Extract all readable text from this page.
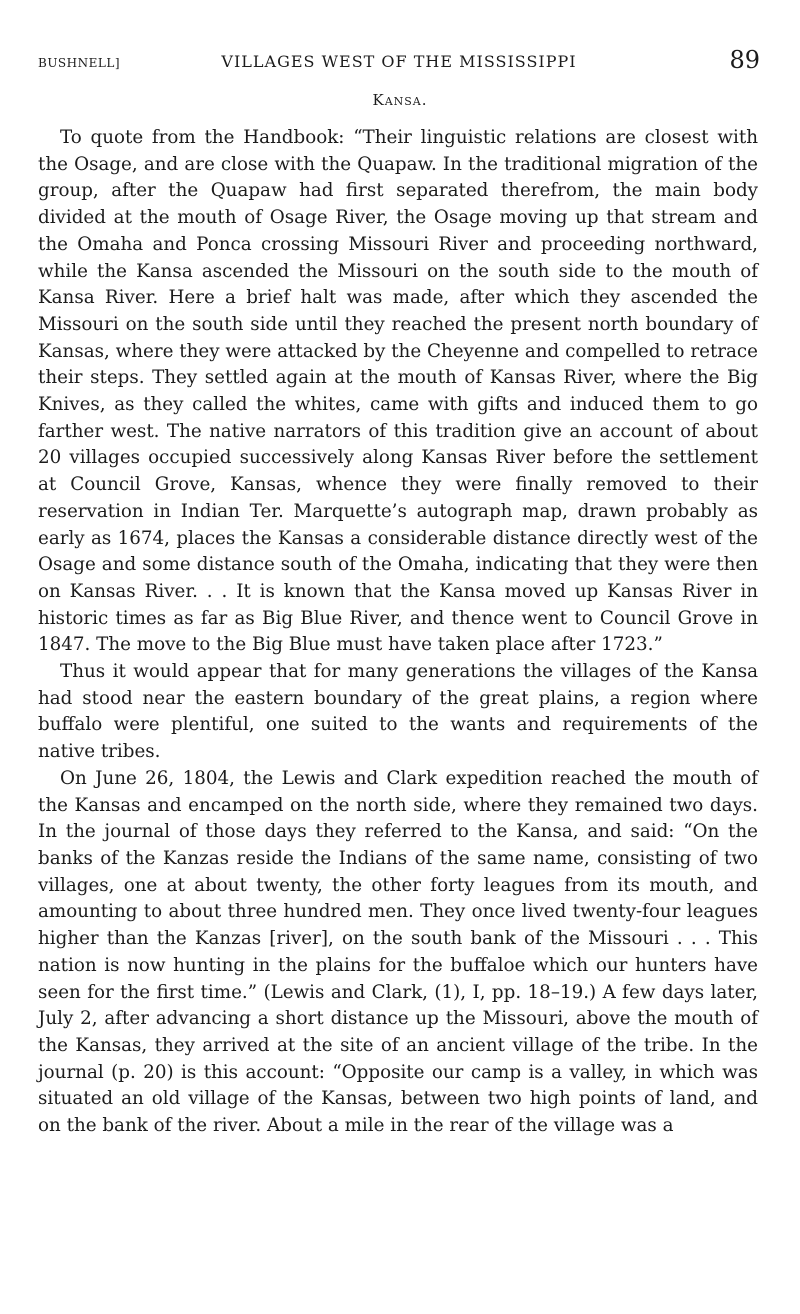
BUSHNELL]	VILLAGES WEST OF THE MISSISSIPPI	89
Kansa.

To quote from the Handbook: “Their linguistic relations are closest with the Osage, and are close with the Quapaw. In the traditional migration of the group, after the Quapaw had first separated therefrom, the main body divided at the mouth of Osage River, the Osage moving up that stream and the Omaha and Ponca crossing Missouri River and proceeding northward, while the Kansa ascended the Missouri on the south side to the mouth of Kansa River. Here a brief halt was made, after which they ascended the Missouri on the south side until they reached the present north boundary of Kansas, where they were attacked by the Cheyenne and compelled to retrace their steps. They settled again at the mouth of Kansas River, where the Big Knives, as they called the whites, came with gifts and induced them to go farther west. The native narrators of this tradition give an account of about 20 villages occupied successively along Kansas River before the settlement at Council Grove, Kansas, whence they were finally removed to their reservation in Indian Ter. Marquette’s autograph map, drawn probably as early as 1674, places the Kansas a considerable distance directly west of the Osage and some distance south of the Omaha, indicating that they were then on Kansas River. . . It is known that the Kansa moved up Kansas River in historic times as far as Big Blue River, and thence went to Council Grove in 1847. The move to the Big Blue must have taken place after 1723.”

Thus it would appear that for many generations the villages of the Kansa had stood near the eastern boundary of the great plains, a region where buffalo were plentiful, one suited to the wants and requirements of the native tribes.

On June 26, 1804, the Lewis and Clark expedition reached the mouth of the Kansas and encamped on the north side, where they remained two days. In the journal of those days they referred to the Kansa, and said: “On the banks of the Kanzas reside the Indians of the same name, consisting of two villages, one at about twenty, the other forty leagues from its mouth, and amounting to about three hundred men. They once lived twenty-four leagues higher than the Kanzas [river], on the south bank of the Missouri . . . This nation is now hunting in the plains for the buffaloe which our hunters have seen for the first time.” (Lewis and Clark, (1), I, pp. 18–19.) A few days later, July 2, after advancing a short distance up the Missouri, above the mouth of the Kansas, they arrived at the site of an ancient village of the tribe. In the journal (p. 20) is this account: “Opposite our camp is a valley, in which was situated an old village of the Kansas, between two high points of land, and on the bank of the river. About a mile in the rear of the village was a
